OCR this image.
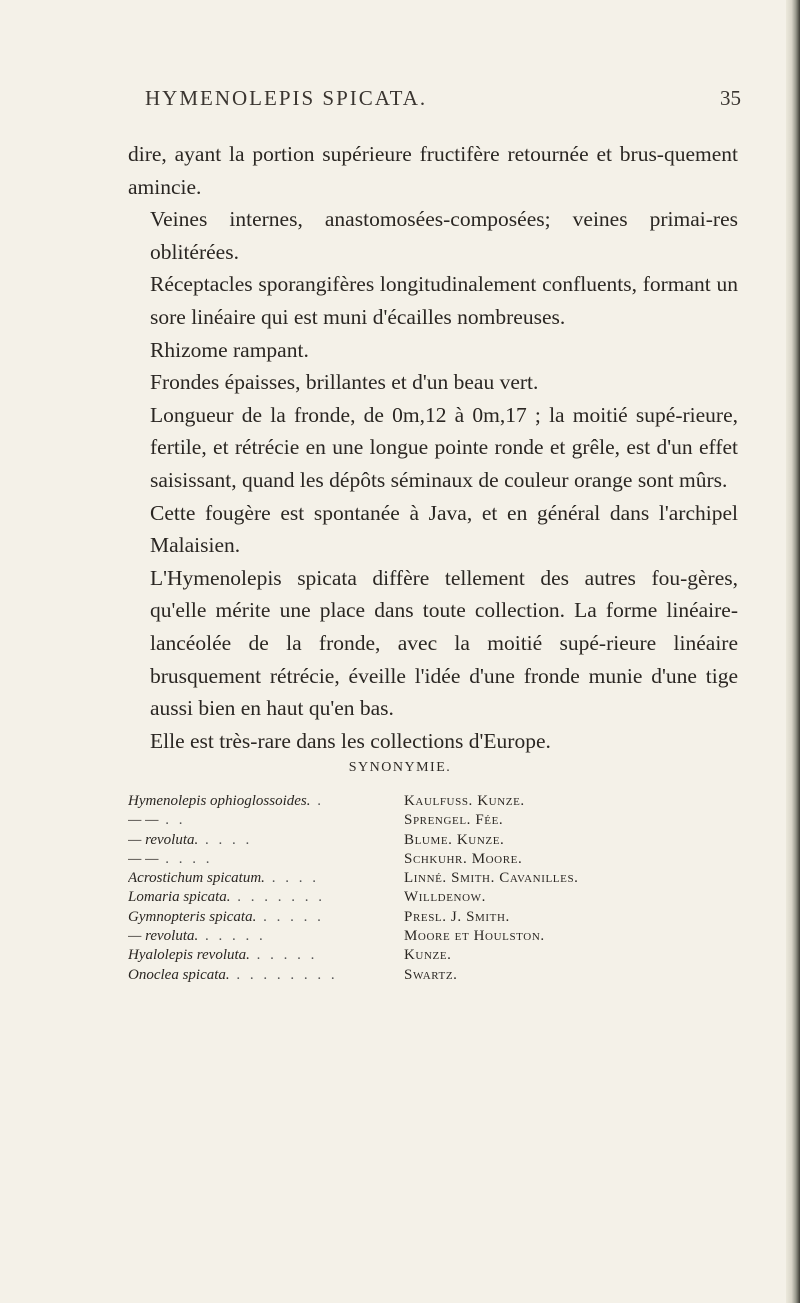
HYMENOLEPIS SPICATA.	35

dire, ayant la portion supérieure fructifère retournée et brus-quement amincie.

Veines internes, anastomosées-composées; veines primai-res oblitérées.

Réceptacles sporangifères longitudinalement confluents, formant un sore linéaire qui est muni d'écailles nombreuses.

Rhizome rampant.

Frondes épaisses, brillantes et d'un beau vert.

Longueur de la fronde, de 0m,12 à 0m,17 ; la moitié supé-rieure, fertile, et rétrécie en une longue pointe ronde et grêle, est d'un effet saisissant, quand les dépôts séminaux de couleur orange sont mûrs.

Cette fougère est spontanée à Java, et en général dans l'archipel Malaisien.

L'Hymenolepis spicata diffère tellement des autres fou-gères, qu'elle mérite une place dans toute collection. La forme linéaire-lancéolée de la fronde, avec la moitié supé-rieure linéaire brusquement rétrécie, éveille l'idée d'une fronde munie d'une tige aussi bien en haut qu'en bas.

Elle est très-rare dans les collections d'Europe.

SYNONYMIE.
Hymenolepis ophioglossoides. .	Kaulfuss. Kunze.
— — . .	Sprengel. Fée.
— revoluta. . . . .	Blume. Kunze.
— — . . . .	Schkuhr. Moore.
Acrostichum spicatum. . . . .	Linné. Smith. Cavanilles.
Lomaria spicata. . . . . . . .	Willdenow.
Gymnopteris spicata. . . . . .	Presl. J. Smith.
— revoluta. . . . . .	Moore et Houlston.
Hyalolepis revoluta. . . . . .	Kunze.
Onoclea spicata. . . . . . . . .	Swartz.
